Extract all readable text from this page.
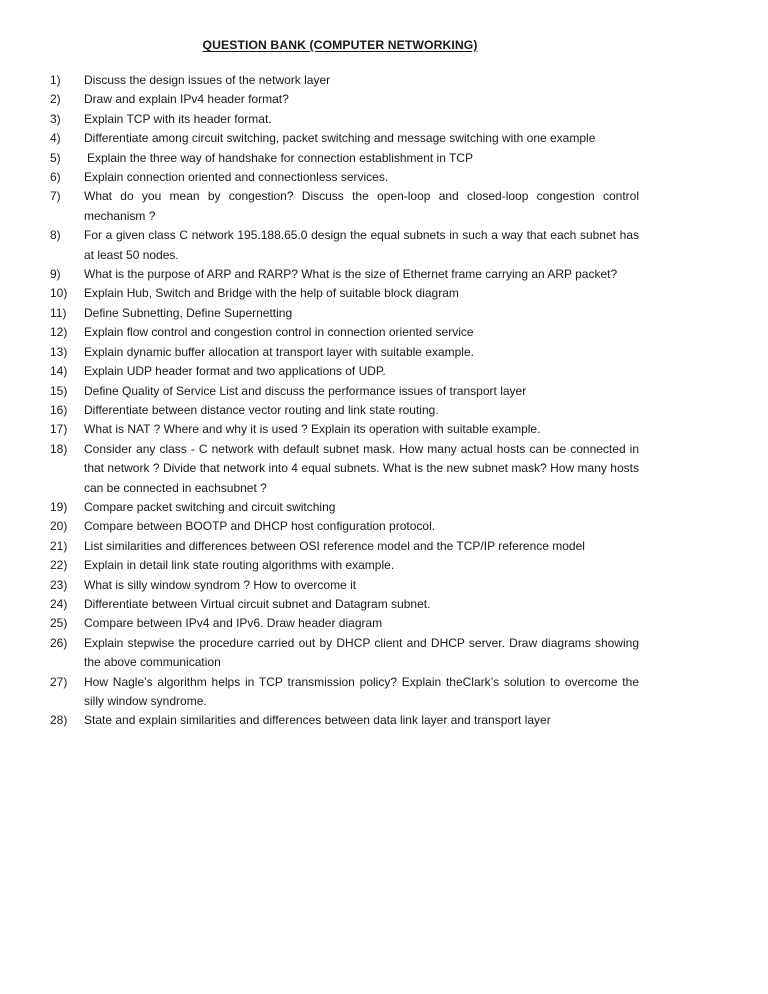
QUESTION BANK (COMPUTER NETWORKING)
1)	Discuss the design issues of the network layer
2)	Draw and explain IPv4 header format?
3)	Explain TCP with its header format.
4)	Differentiate among circuit switching, packet switching and message switching with one example
5)	Explain the three way of handshake for connection establishment in TCP
6)	Explain connection oriented and connectionless services.
7)	What do you mean by congestion? Discuss the open-loop and closed-loop congestion control mechanism ?
8)	For a given class C network 195.188.65.0 design the equal subnets in such a way that each subnet has at least 50 nodes.
9)	What is the purpose of ARP and RARP? What is the size of Ethernet frame carrying an ARP packet?
10)	Explain Hub, Switch and Bridge with the help of suitable block diagram
11)	Define Subnetting, Define Supernetting
12)	Explain flow control and congestion control in connection oriented service
13)	Explain dynamic buffer allocation at transport layer with suitable example.
14)	Explain UDP header format and two applications of UDP.
15)	Define Quality of Service List and discuss the performance issues of transport layer
16)	Differentiate between distance vector routing and link state routing.
17)	What is NAT ? Where and why it is used ? Explain its operation with suitable example.
18)	Consider any class - C network with default subnet mask. How many actual hosts can be connected in that network ? Divide that network into 4 equal subnets. What is the new subnet mask? How many hosts can be connected in eachsubnet ?
19)	Compare packet switching and circuit switching
20)	Compare between BOOTP and DHCP host configuration protocol.
21)	List similarities and differences between OSI reference model and the TCP/IP reference model
22)	Explain in detail link state routing algorithms with example.
23)	What is silly window syndrom ? How to overcome it
24)	Differentiate between Virtual circuit subnet and Datagram subnet.
25)	Compare between IPv4 and IPv6. Draw header diagram
26)	Explain stepwise the procedure carried out by DHCP client and DHCP server. Draw diagrams showing the above communication
27)	How Nagle’s algorithm helps in TCP transmission policy? Explain theClark’s solution to overcome the silly window syndrome.
28)	State and explain similarities and differences between data link layer and transport layer
